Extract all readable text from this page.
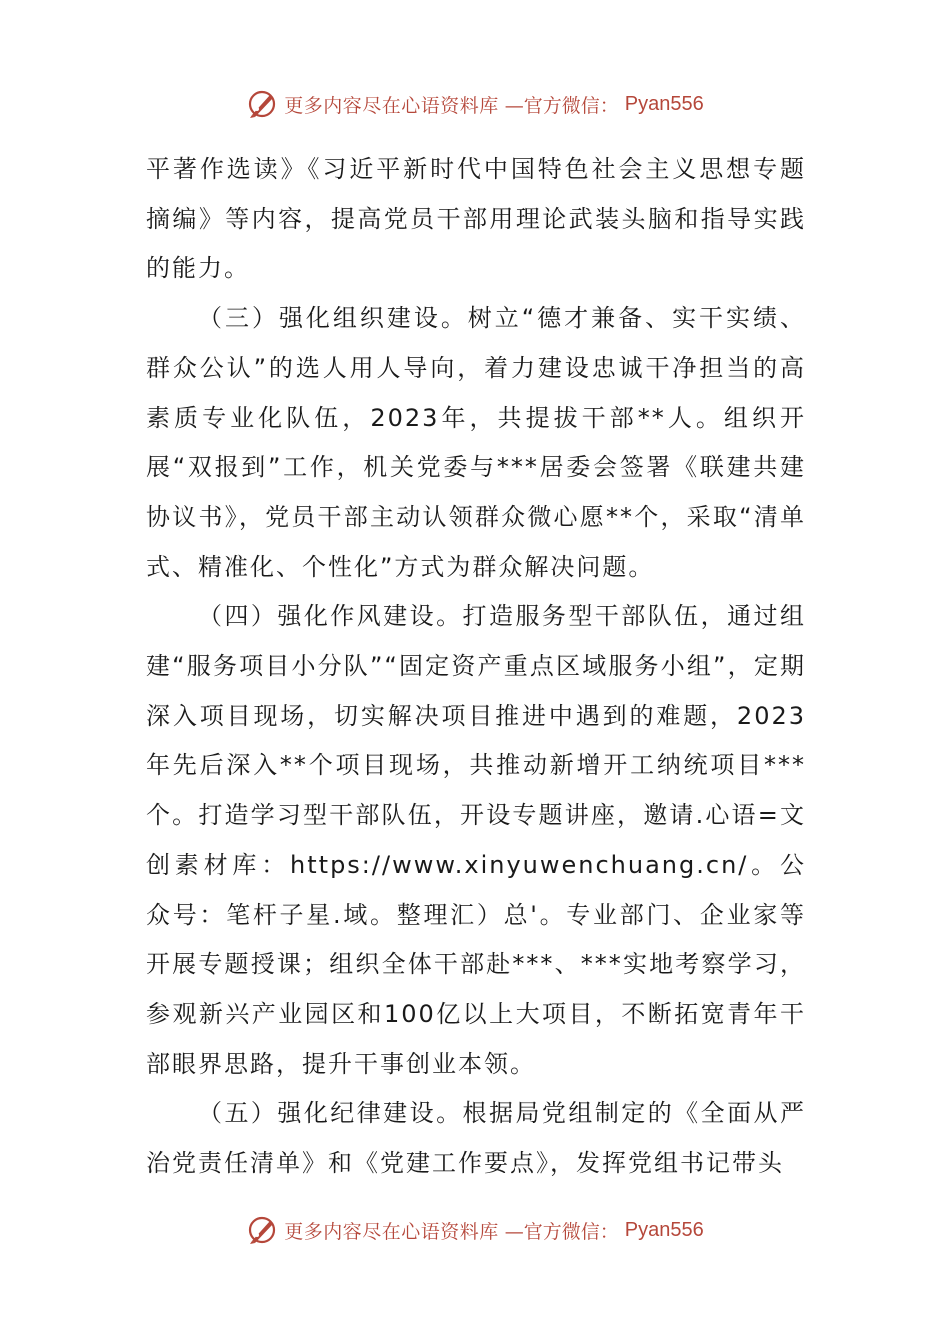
更多内容尽在心语资料库 —官方微信： Pyan556

平著作选读》《习近平新时代中国特色社会主义思想专题摘编》等内容，提高党员干部用理论武装头脑和指导实践的能力。

（三）强化组织建设。树立“德才兼备、实干实绩、群众公认”的选人用人导向，着力建设忠诚干净担当的高素质专业化队伍，2023年，共提拔干部**人。组织开展“双报到”工作，机关党委与***居委会签署《联建共建协议书》，党员干部主动认领群众微心愿**个，采取“清单式、精准化、个性化”方式为群众解决问题。

（四）强化作风建设。打造服务型干部队伍，通过组建“服务项目小分队”“固定资产重点区域服务小组”，定期深入项目现场，切实解决项目推进中遇到的难题，2023年先后深入**个项目现场，共推动新增开工纳统项目***个。打造学习型干部队伍，开设专题讲座，邀请.心语=文创素材库：https://www.xinyuwenchuang.cn/。公众号：笔杆子星.域。整理汇）总'。专业部门、企业家等开展专题授课；组织全体干部赴***、***实地考察学习，参观新兴产业园区和100亿以上大项目，不断拓宽青年干部眼界思路，提升干事创业本领。

（五）强化纪律建设。根据局党组制定的《全面从严治党责任清单》和《党建工作要点》，发挥党组书记带头

更多内容尽在心语资料库 —官方微信： Pyan556
